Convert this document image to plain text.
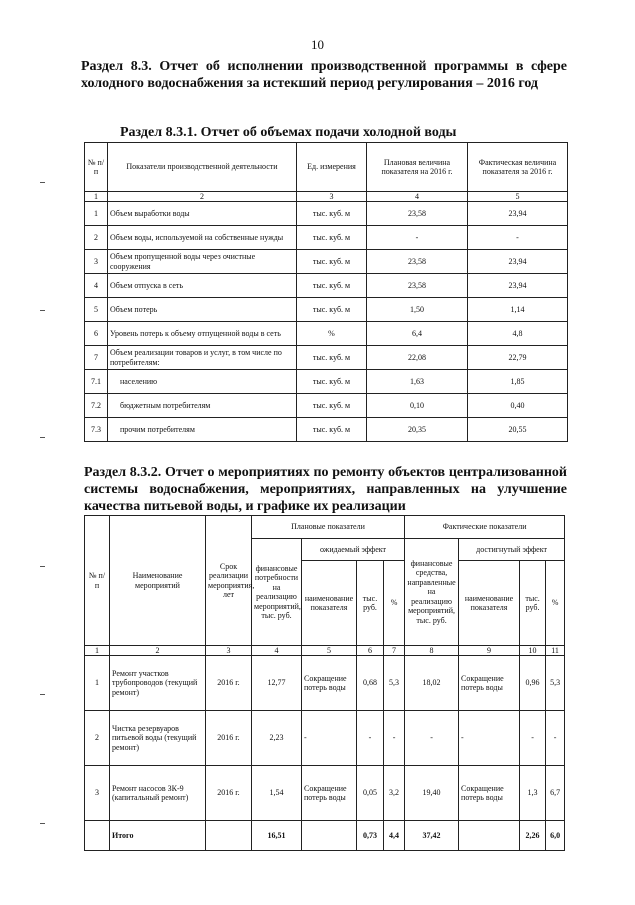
10
Раздел 8.3. Отчет об исполнении производственной программы в сфере холодного водоснабжения за истекший период регулирования – 2016 год
Раздел 8.3.1. Отчет об объемах подачи холодной воды
№ п/п	Показатели производственной деятельности	Ед. измерения	Плановая величина показателя на 2016 г.	Фактическая величина показателя за 2016 г.
1	2	3	4	5
1	Объем выработки воды	тыс. куб. м	23,58	23,94
2	Объем воды, используемой на собственные нужды	тыс. куб. м	-	-
3	Объем пропущенной воды через очистные сооружения	тыс. куб. м	23,58	23,94
4	Объем отпуска в сеть	тыс. куб. м	23,58	23,94
5	Объем потерь	тыс. куб. м	1,50	1,14
6	Уровень потерь к объему отпущенной воды в сеть	%	6,4	4,8
7	Объем реализации товаров и услуг, в том числе по потребителям:	тыс. куб. м	22,08	22,79
7.1	населению	тыс. куб. м	1,63	1,85
7.2	бюджетным потребителям	тыс. куб. м	0,10	0,40
7.3	прочим потребителям	тыс. куб. м	20,35	20,55
Раздел 8.3.2. Отчет о мероприятиях по ремонту объектов централизованной системы водоснабжения, мероприятиях, направленных на улучшение качества питьевой воды, и графике их реализации
№ п/п	Наименование мероприятий	Срок реализации мероприятия, лет	Плановые показатели				Фактические показатели			
			финансовые потребности на реализацию мероприятий, тыс. руб.	ожидаемый эффект			финансовые средства, направленные на реализацию мероприятий, тыс. руб.	достигнутый эффект		
				наименование показателя	тыс. руб.	%		наименование показателя	тыс. руб.	%
1	2	3	4	5	6	7	8	9	10	11
1	Ремонт участков трубопроводов (текущий ремонт)	2016 г.	12,77	Сокращение потерь воды	0,68	5,3	18,02	Сокращение потерь воды	0,96	5,3
2	Чистка резервуаров питьевой воды (текущий ремонт)	2016 г.	2,23	-	-	-	-	-	-	-
3	Ремонт насосов ЗК-9 (капитальный ремонт)	2016 г.	1,54	Сокращение потерь воды	0,05	3,2	19,40	Сокращение потерь воды	1,3	6,7
	Итого		16,51		0,73	4,4	37,42		2,26	6,0
